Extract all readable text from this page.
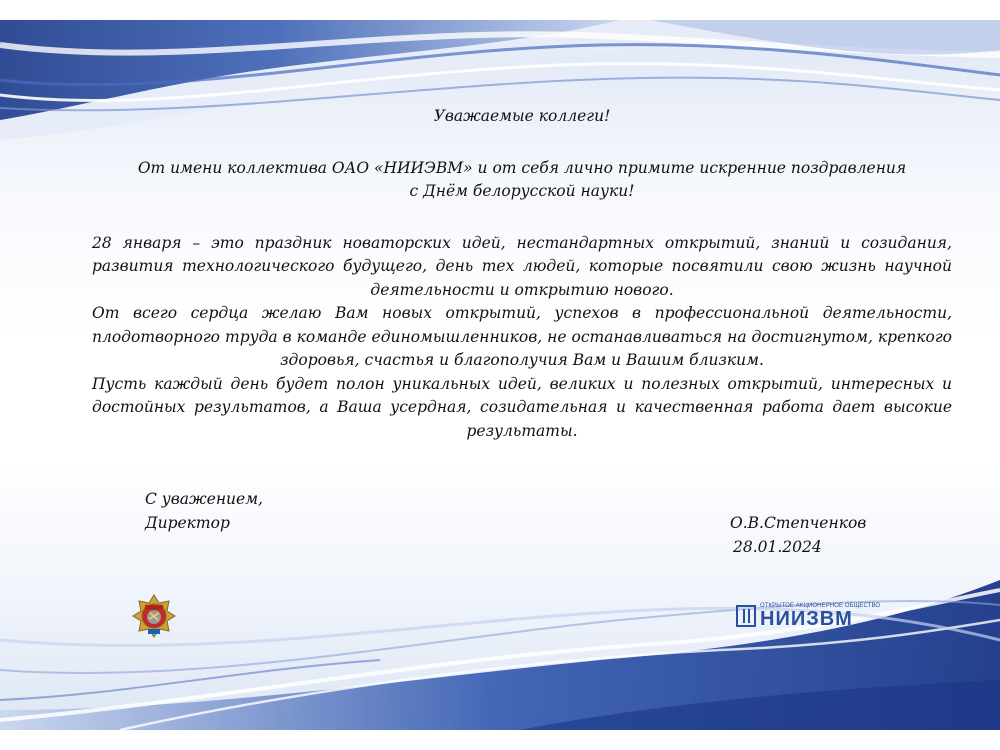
Уважаемые коллеги!

От имени коллектива ОАО «НИИЭВМ» и от себя лично примите искренние поздравления
с Днём белорусской науки!

28 января – это праздник новаторских идей, нестандартных открытий, знаний и созидания, развития технологического будущего, день тех людей, которые посвятили свою жизнь научной деятельности и открытию нового.

От всего сердца желаю Вам новых открытий, успехов в профессиональной деятельности, плодотворного труда в команде единомышленников, не останавливаться на достигнутом, крепкого здоровья, счастья и благополучия Вам и Вашим близким.

Пусть каждый день будет полон уникальных идей, великих и полезных открытий, интересных и достойных результатов, а Ваша усердная, созидательная и качественная работа дает высокие результаты.

С уважением,
Директор	О.В.Степченков
28.01.2024
ОТКРЫТОЕ АКЦИОНЕРНОЕ ОБЩЕСТВО
НИИЗВМ
